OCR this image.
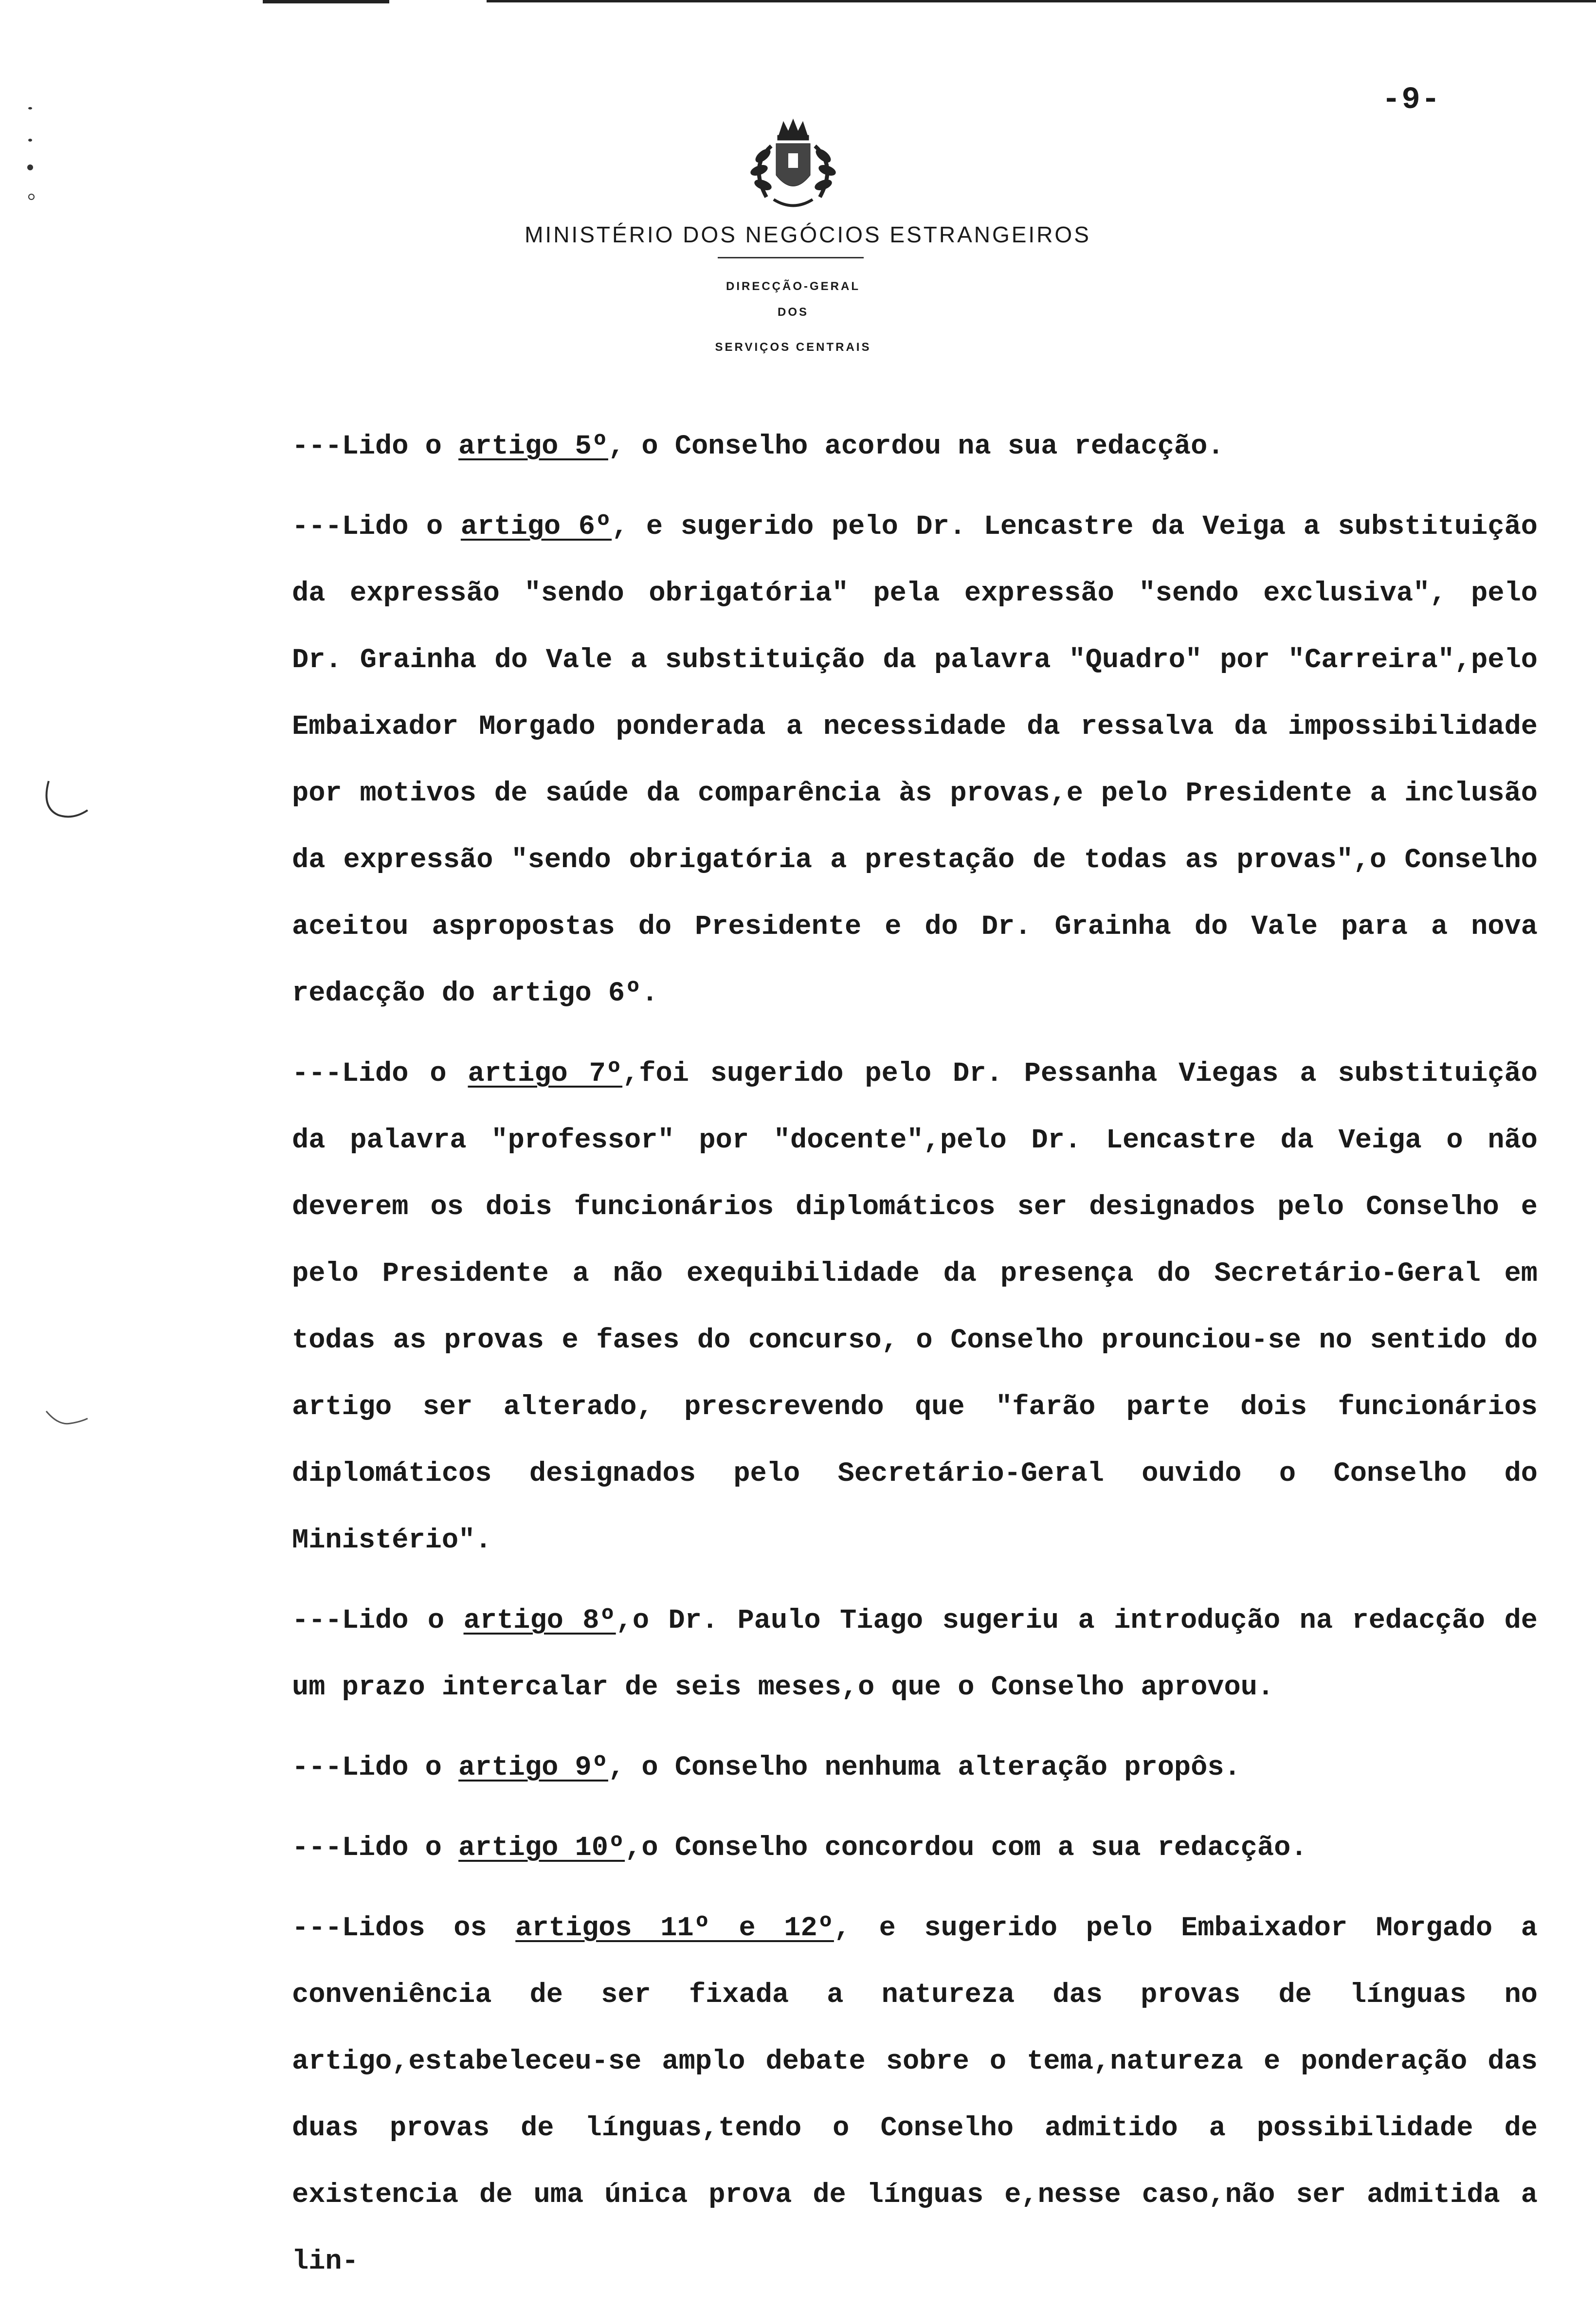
-9-
MINISTÉRIO DOS NEGÓCIOS ESTRANGEIROS
DIRECÇÃO-GERAL
DOS
SERVIÇOS CENTRAIS

---Lido o artigo 5º, o Conselho acordou na sua redacção.

---Lido o artigo 6º, e sugerido pelo Dr. Lencastre da Veiga a substituição da expressão "sendo obrigatória" pela expressão "sendo exclusiva", pelo Dr. Grainha do Vale a substituição da palavra "Quadro" por "Carreira",pelo Embaixador Morgado ponderada a necessidade da ressalva da impossibilidade por motivos de saúde da comparência às provas,e pelo Presidente a inclusão da expressão "sendo obrigatória a prestação de todas as provas",o Conselho aceitou aspropostas do Presidente e do Dr. Grainha do Vale para a nova redacção do artigo 6º.

---Lido o artigo 7º,foi sugerido pelo Dr. Pessanha Viegas a substituição da palavra "professor" por "docente",pelo Dr. Lencastre da Veiga o não deverem os dois funcionários diplomáticos ser designados pelo Conselho e pelo Presidente a não exequibilidade da presença do Secretário-Geral em todas as provas e fases do concurso, o Conselho prounciou-se no sentido do artigo ser alterado, prescrevendo que "farão parte dois funcionários diplomáticos designados pelo Secretário-Geral ouvido o Conselho do Ministério".

---Lido o artigo 8º,o Dr. Paulo Tiago sugeriu a introdução na redacção de um prazo intercalar de seis meses,o que o Conselho aprovou.

---Lido o artigo 9º, o Conselho nenhuma alteração propôs.

---Lido o artigo 10º,o Conselho concordou com a sua redacção.

---Lidos os artigos 11º e 12º, e sugerido pelo Embaixador Morgado a conveniência de ser fixada a natureza das provas de línguas no artigo,estabeleceu-se amplo debate sobre o tema,natureza e ponderação das duas provas de línguas,tendo o Conselho admitido a possibilidade de existencia de uma única prova de línguas e,nesse caso,não ser admitida a lin-
